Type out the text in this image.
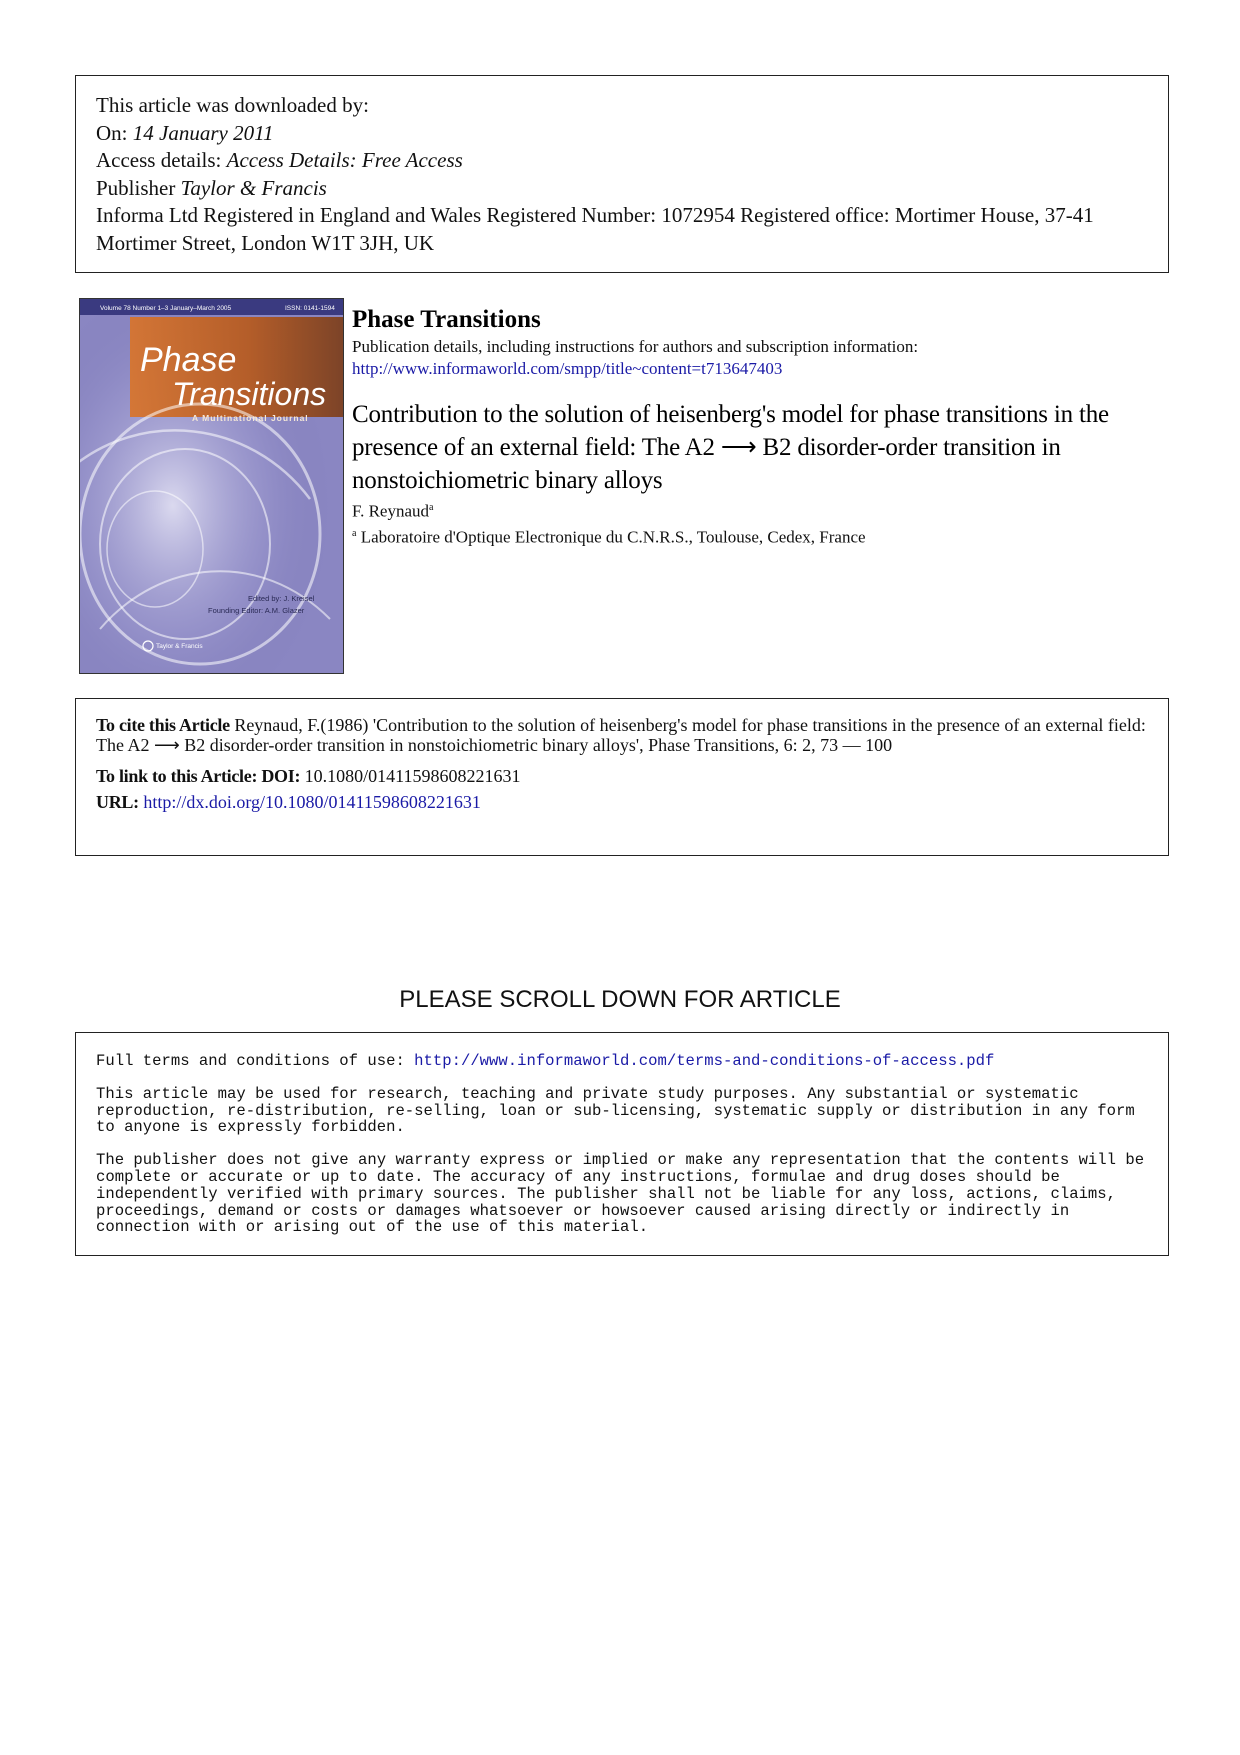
This article was downloaded by:
On: 14 January 2011
Access details: Access Details: Free Access
Publisher Taylor & Francis
Informa Ltd Registered in England and Wales Registered Number: 1072954 Registered office: Mortimer House, 37-41 Mortimer Street, London W1T 3JH, UK
Volume 78 Number 1–3 January–March 2005	ISSN: 0141-1594
Phase
Transitions
A Multinational Journal
Edited by: J. Kreisel
Founding Editor: A.M. Glazer
Taylor & Francis
Phase Transitions

Publication details, including instructions for authors and subscription information:

http://www.informaworld.com/smpp/title~content=t713647403

Contribution to the solution of heisenberg's model for phase transitions in the presence of an external field: The A2 ⟶ B2 disorder-order transition in nonstoichiometric binary alloys

F. Reynaud$^a$

$^a$ Laboratoire d'Optique Electronique du C.N.R.S., Toulouse, Cedex, France

To cite this Article Reynaud, F.(1986) 'Contribution to the solution of heisenberg's model for phase transitions in the presence of an external field: The A2 ⟶ B2 disorder-order transition in nonstoichiometric binary alloys', Phase Transitions, 6: 2, 73 — 100

To link to this Article: DOI: 10.1080/01411598608221631

URL: http://dx.doi.org/10.1080/01411598608221631

PLEASE SCROLL DOWN FOR ARTICLE

Full terms and conditions of use: http://www.informaworld.com/terms-and-conditions-of-access.pdf

This article may be used for research, teaching and private study purposes. Any substantial or systematic reproduction, re-distribution, re-selling, loan or sub-licensing, systematic supply or distribution in any form to anyone is expressly forbidden.

The publisher does not give any warranty express or implied or make any representation that the contents will be complete or accurate or up to date. The accuracy of any instructions, formulae and drug doses should be independently verified with primary sources. The publisher shall not be liable for any loss, actions, claims, proceedings, demand or costs or damages whatsoever or howsoever caused arising directly or indirectly in connection with or arising out of the use of this material.
